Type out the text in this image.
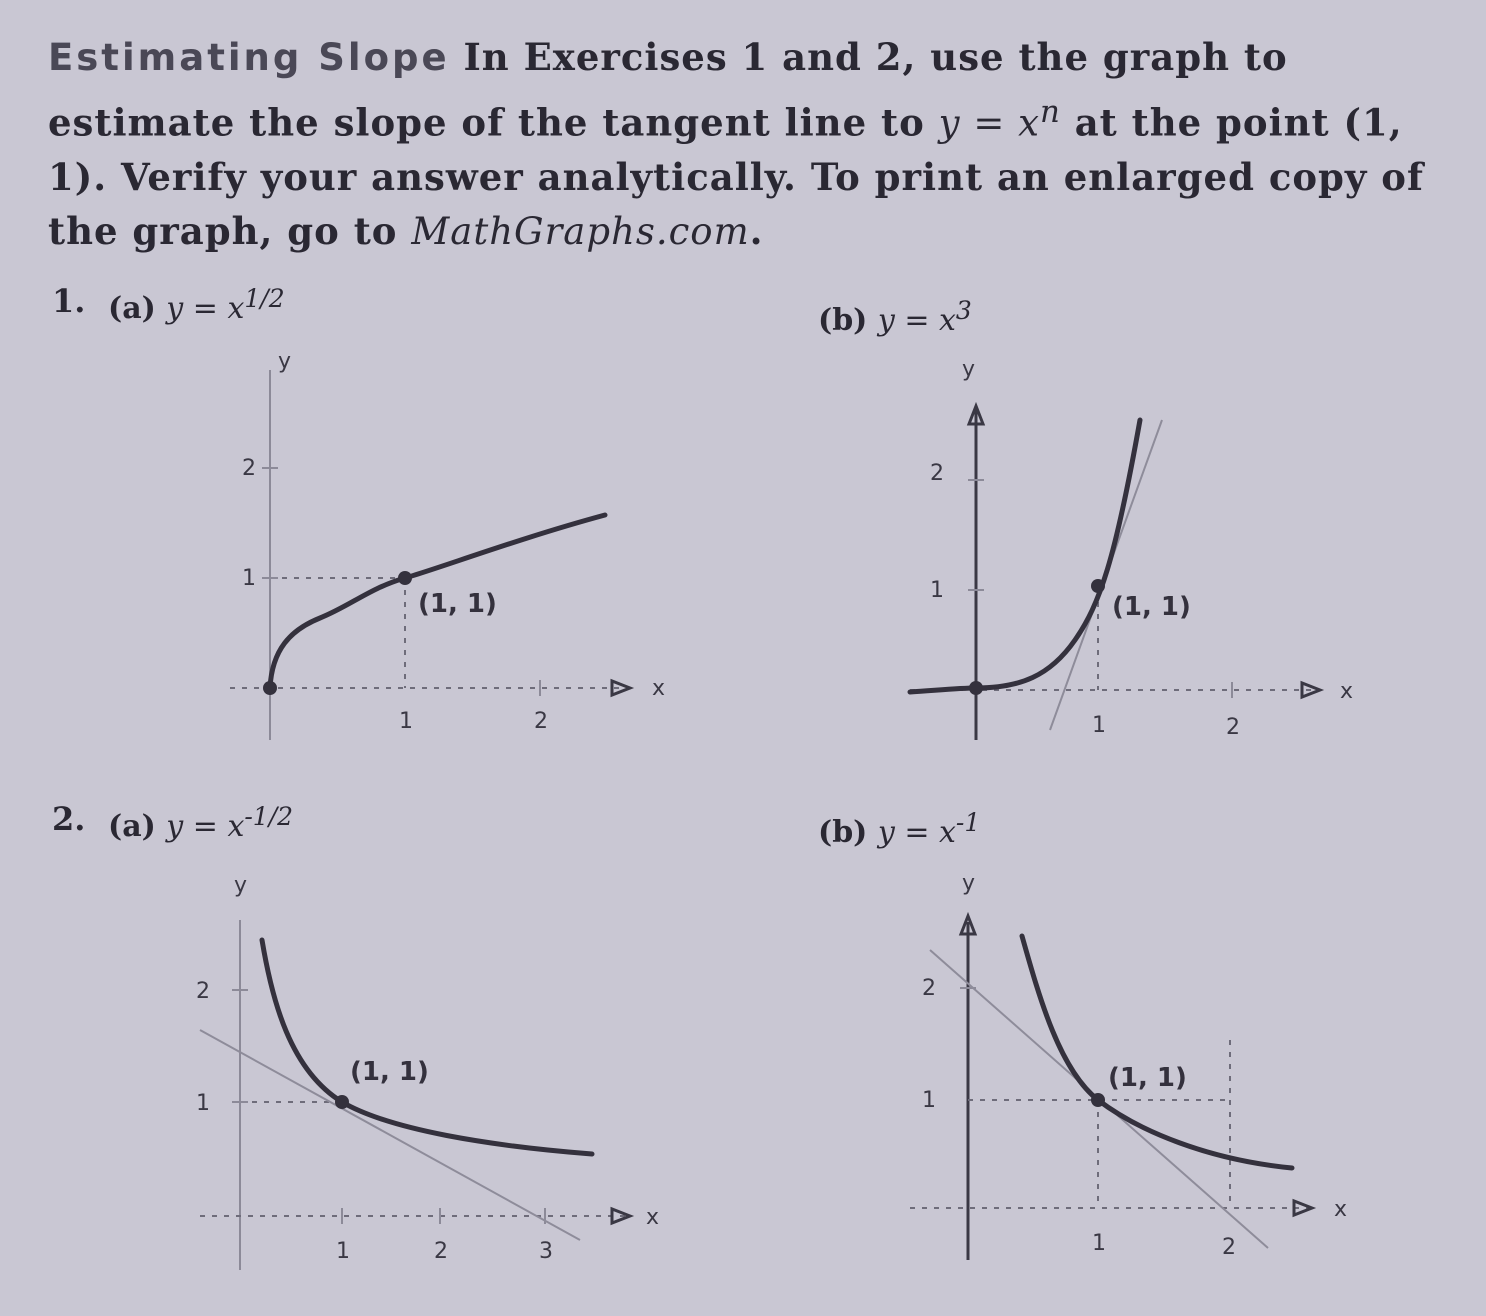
Estimating Slope In Exercises 1 and 2, use the graph to estimate the slope of the tangent line to $y = x^n$ at the point (1, 1). Verify your answer analytically. To print an enlarged copy of the graph, go to MathGraphs.com.

1. (a) $y = x^{1/2}$
(b) $y = x^3$
1
2
1	2
x
y
(1, 1)	1
2
1	2
x
y
(1, 1)
2. (a) $y = x^{-1/2}$	(b) $y = x^{-1}$
1
2
1	2	3
x
y
(1, 1)
1
2
1	2
x
y
(1, 1)
